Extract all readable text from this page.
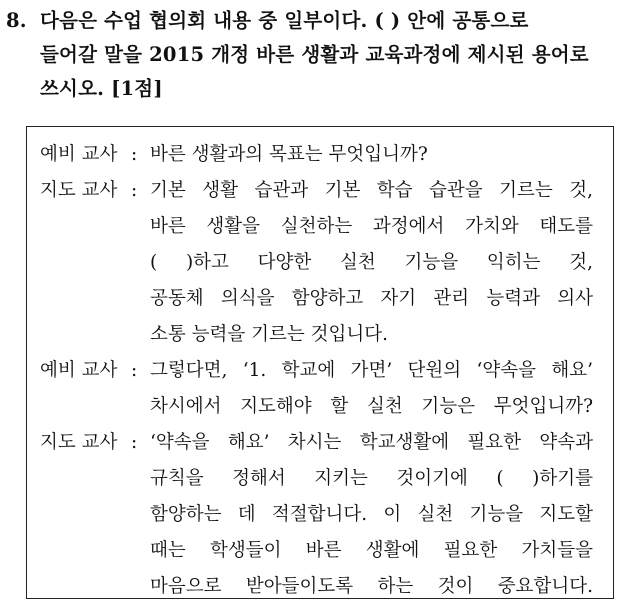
8. 다음은 수업 협의회 내용 중 일부이다. ( ) 안에 공통으로
들어갈 말을 2015 개정 바른 생활과 교육과정에 제시된 용어로
쓰시오. [1점]
예비 교사 : 바른 생활과의 목표는 무엇입니까?
지도 교사 : 기본 생활 습관과 기본 학습 습관을 기르는 것,
바른 생활을 실천하는 과정에서 가치와 태도를
( )하고 다양한 실천 기능을 익히는 것,
공동체 의식을 함양하고 자기 관리 능력과 의사
소통 능력을 기르는 것입니다.
예비 교사 : 그렇다면, ‘1. 학교에 가면’ 단원의 ‘약속을 해요’
차시에서 지도해야 할 실천 기능은 무엇입니까?
지도 교사 : ‘약속을 해요’ 차시는 학교생활에 필요한 약속과
규칙을 정해서 지키는 것이기에 ( )하기를
함양하는 데 적절합니다. 이 실천 기능을 지도할
때는 학생들이 바른 생활에 필요한 가치들을
마음으로 받아들이도록 하는 것이 중요합니다.
